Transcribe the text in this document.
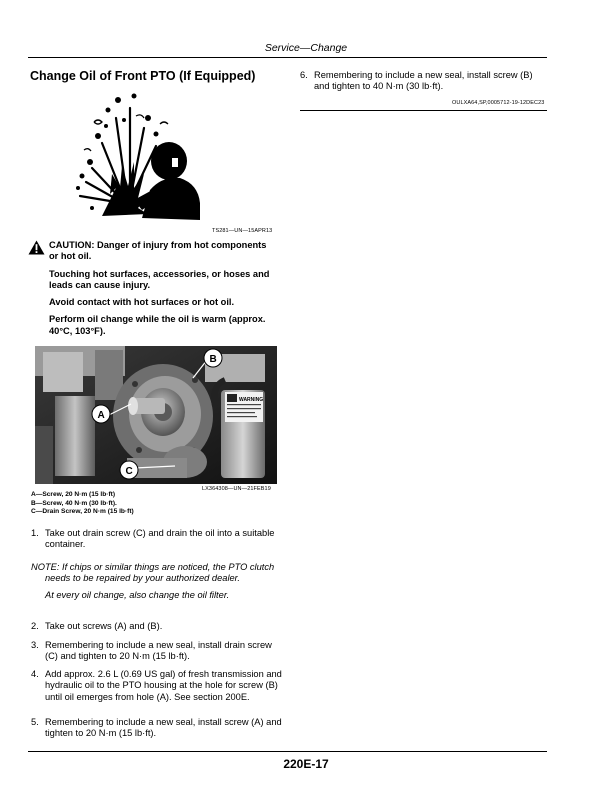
Service—Change
Change Oil of Front PTO (If Equipped)
TS281—UN—15APR13

CAUTION: Danger of injury from hot components or hot oil.

Touching hot surfaces, accessories, or hoses and leads can cause injury.

Avoid contact with hot surfaces or hot oil.

Perform oil change while the oil is warm (approx. 40°C, 103°F).

WARNING
A
B
C
LX364308—UN—21FEB19
A—Screw, 20 N·m (15 lb·ft)
B—Screw, 40 N·m (30 lb·ft).
C—Drain Screw, 20 N·m (15 lb·ft)
1. Take out drain screw (C) and drain the oil into a suitable container.
NOTE: If chips or similar things are noticed, the PTO clutch needs to be repaired by your authorized dealer.
At every oil change, also change the oil filter.
2. Take out screws (A) and (B).
3. Remembering to include a new seal, install drain screw (C) and tighten to 20 N·m (15 lb·ft).
4. Add approx. 2.6 L (0.69 US gal) of fresh transmission and hydraulic oil to the PTO housing at the hole for screw (B) until oil emerges from hole (A). See section 200E.
5. Remembering to include a new seal, install screw (A) and tighten to 20 N·m (15 lb·ft).
6. Remembering to include a new seal, install screw (B) and tighten to 40 N·m (30 lb·ft).
OULXA64,SP,0005712-19-12DEC23
220E-17
